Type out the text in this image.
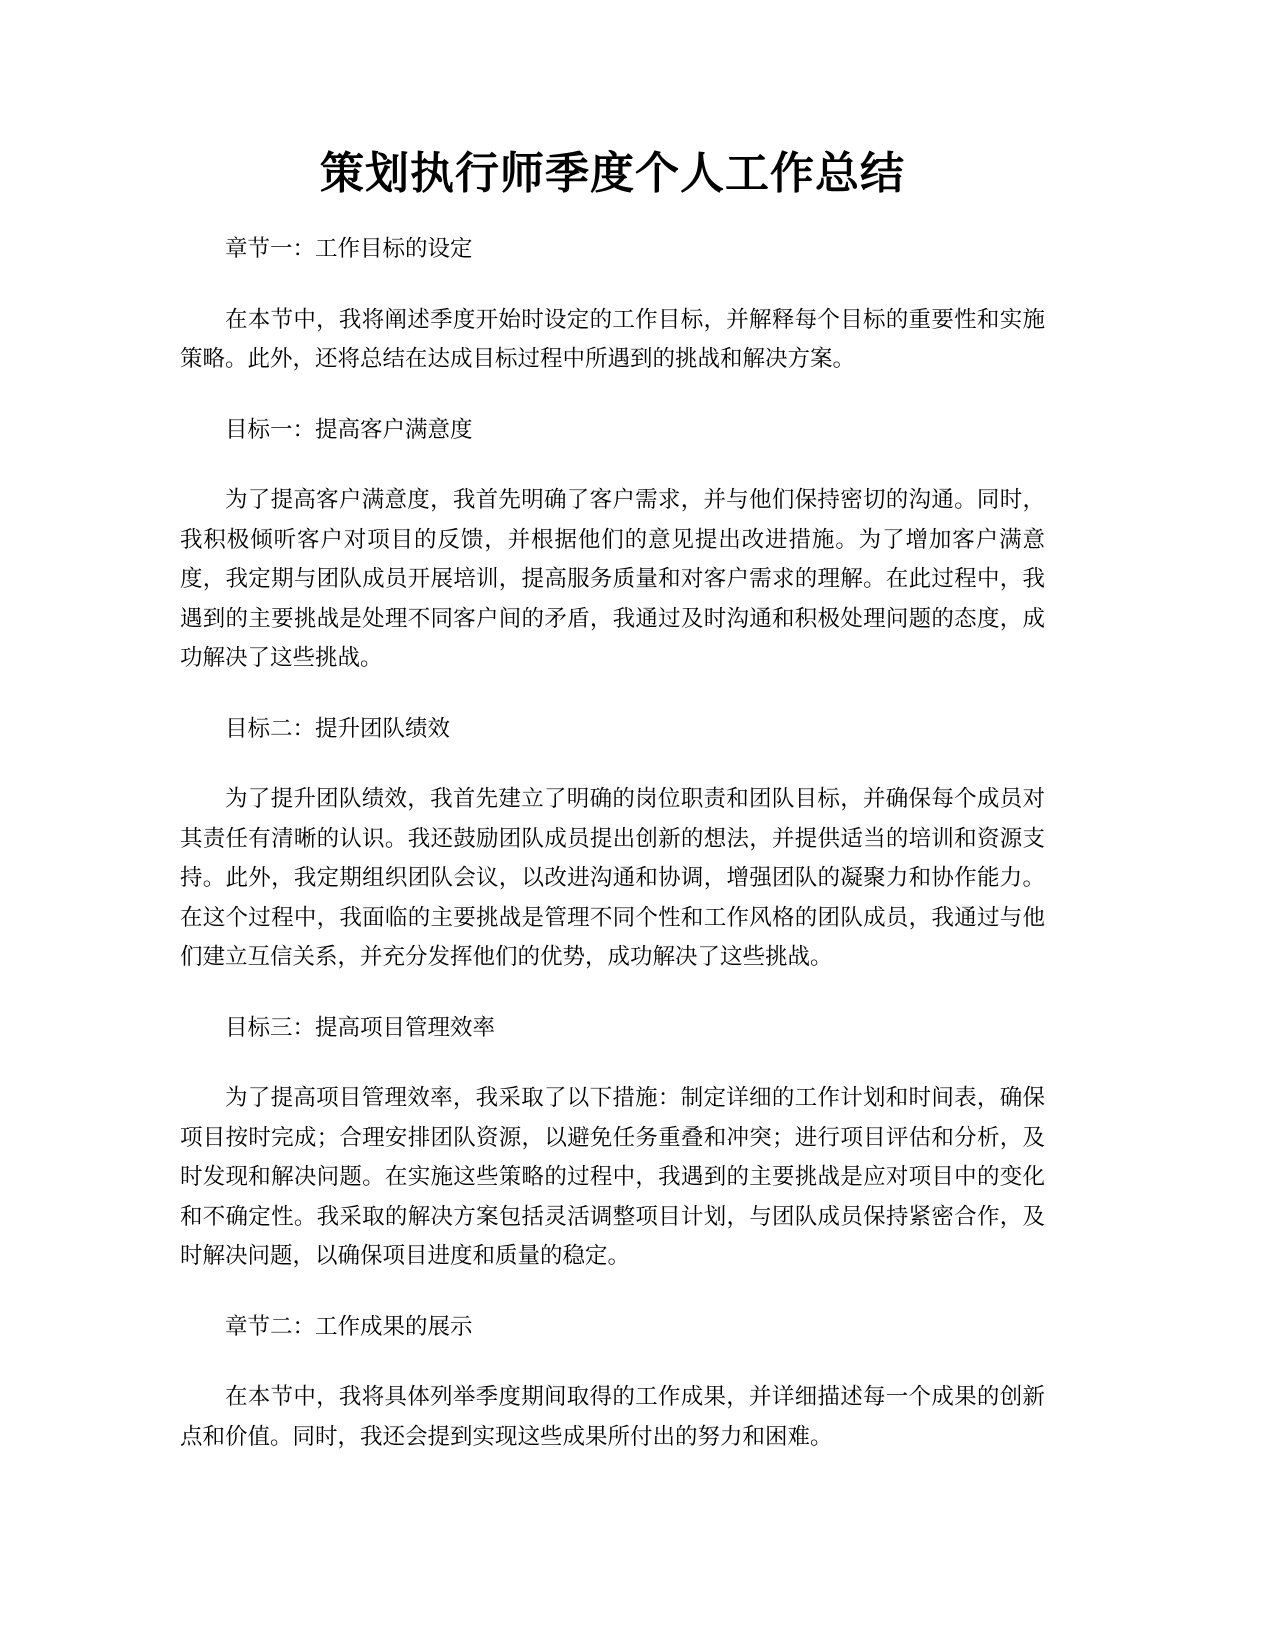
策划执行师季度个人工作总结

章节一：工作目标的设定

在本节中，我将阐述季度开始时设定的工作目标，并解释每个目标的重要性和实施策略。此外，还将总结在达成目标过程中所遇到的挑战和解决方案。

目标一：提高客户满意度

为了提高客户满意度，我首先明确了客户需求，并与他们保持密切的沟通。同时，我积极倾听客户对项目的反馈，并根据他们的意见提出改进措施。为了增加客户满意度，我定期与团队成员开展培训，提高服务质量和对客户需求的理解。在此过程中，我遇到的主要挑战是处理不同客户间的矛盾，我通过及时沟通和积极处理问题的态度，成功解决了这些挑战。

目标二：提升团队绩效

为了提升团队绩效，我首先建立了明确的岗位职责和团队目标，并确保每个成员对其责任有清晰的认识。我还鼓励团队成员提出创新的想法，并提供适当的培训和资源支持。此外，我定期组织团队会议，以改进沟通和协调，增强团队的凝聚力和协作能力。在这个过程中，我面临的主要挑战是管理不同个性和工作风格的团队成员，我通过与他们建立互信关系，并充分发挥他们的优势，成功解决了这些挑战。

目标三：提高项目管理效率

为了提高项目管理效率，我采取了以下措施：制定详细的工作计划和时间表，确保项目按时完成；合理安排团队资源，以避免任务重叠和冲突；进行项目评估和分析，及时发现和解决问题。在实施这些策略的过程中，我遇到的主要挑战是应对项目中的变化和不确定性。我采取的解决方案包括灵活调整项目计划，与团队成员保持紧密合作，及时解决问题，以确保项目进度和质量的稳定。

章节二：工作成果的展示

在本节中，我将具体列举季度期间取得的工作成果，并详细描述每一个成果的创新点和价值。同时，我还会提到实现这些成果所付出的努力和困难。
